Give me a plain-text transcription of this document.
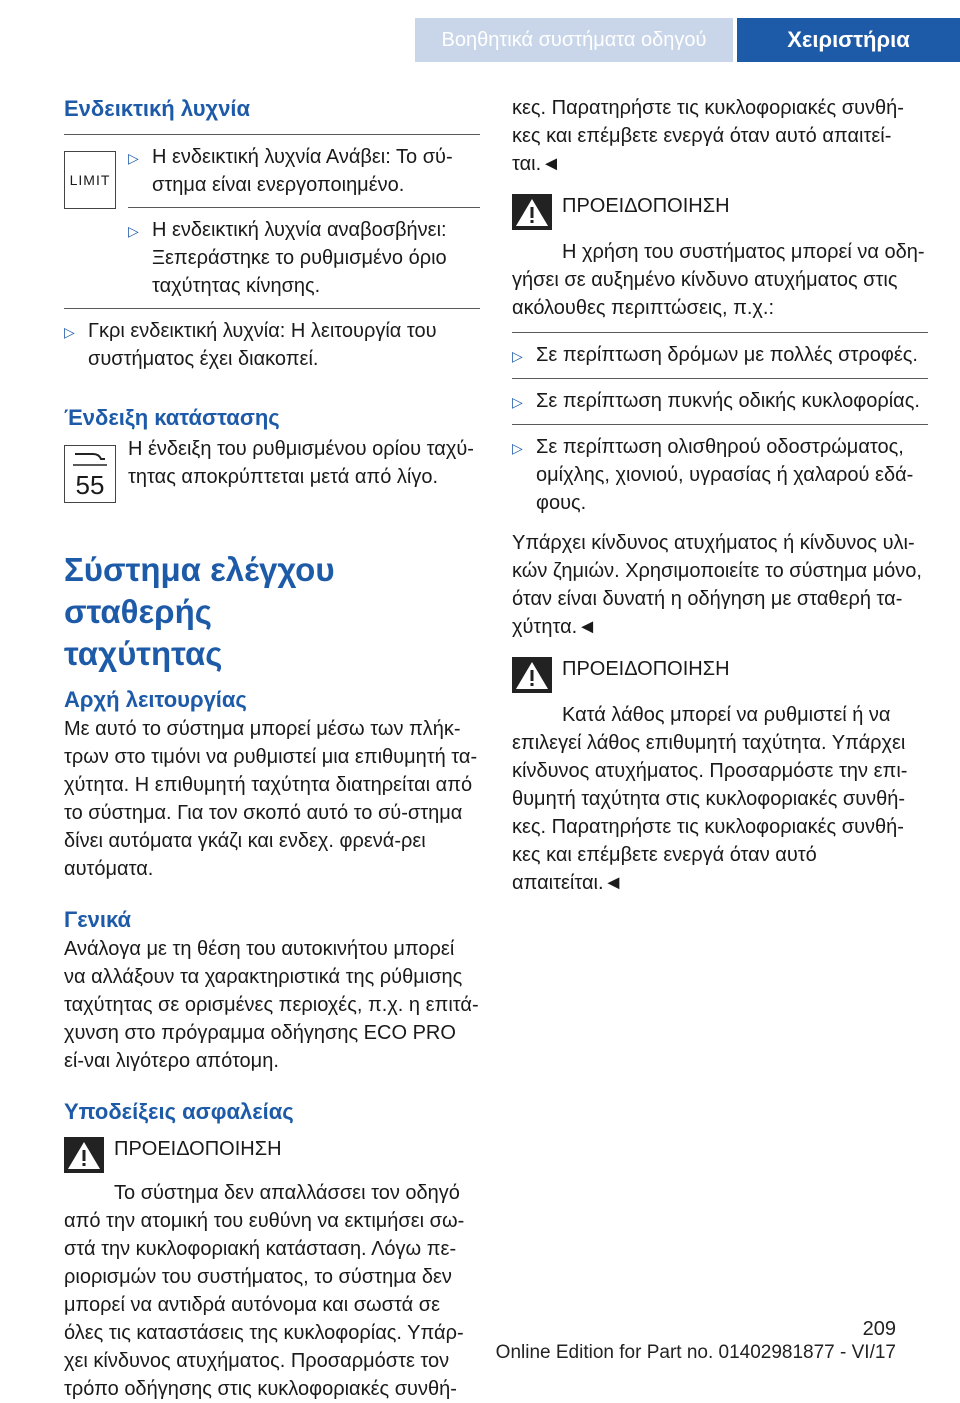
Βοηθητικά συστήματα οδηγού	Χειριστήρια
Ενδεικτική λυχνία
LIMIT
▷ Η ενδεικτική λυχνία Ανάβει: Το σύ-στημα είναι ενεργοποιημένο.
▷ Η ενδεικτική λυχνία αναβοσβήνει: Ξεπεράστηκε το ρυθμισμένο όριο ταχύτητας κίνησης.
▷ Γκρι ενδεικτική λυχνία: Η λειτουργία του συστήματος έχει διακοπεί.
Ένδειξη κατάστασης
55
Η ένδειξη του ρυθμισμένου ορίου ταχύ-τητας αποκρύπτεται μετά από λίγο.
Σύστημα ελέγχου σταθερής
ταχύτητας
Αρχή λειτουργίας
Με αυτό το σύστημα μπορεί μέσω των πλήκ-τρων στο τιμόνι να ρυθμιστεί μια επιθυμητή τα-χύτητα. Η επιθυμητή ταχύτητα διατηρείται από το σύστημα. Για τον σκοπό αυτό το σύ-στημα δίνει αυτόματα γκάζι και ενδεχ. φρενά-ρει αυτόματα.
Γενικά
Ανάλογα με τη θέση του αυτοκινήτου μπορεί να αλλάξουν τα χαρακτηριστικά της ρύθμισης ταχύτητας σε ορισμένες περιοχές, π.χ. η επιτά-χυνση στο πρόγραμμα οδήγησης ECO PRO εί-ναι λιγότερο απότομη.
Υποδείξεις ασφαλείας
ΠΡΟΕΙΔΟΠΟΙΗΣΗ
Το σύστημα δεν απαλλάσσει τον οδηγό από την ατομική του ευθύνη να εκτιμήσει σω-στά την κυκλοφοριακή κατάσταση. Λόγω πε-ριορισμών του συστήματος, το σύστημα δεν μπορεί να αντιδρά αυτόνομα και σωστά σε όλες τις καταστάσεις της κυκλοφορίας. Υπάρ-χει κίνδυνος ατυχήματος. Προσαρμόστε τον τρόπο οδήγησης στις κυκλοφοριακές συνθή-
κες. Παρατηρήστε τις κυκλοφοριακές συνθή-κες και επέμβετε ενεργά όταν αυτό απαιτεί-ται.◄
ΠΡΟΕΙΔΟΠΟΙΗΣΗ
Η χρήση του συστήματος μπορεί να οδη-γήσει σε αυξημένο κίνδυνο ατυχήματος στις ακόλουθες περιπτώσεις, π.χ.:
▷ Σε περίπτωση δρόμων με πολλές στροφές.
▷ Σε περίπτωση πυκνής οδικής κυκλοφορίας.
▷ Σε περίπτωση ολισθηρού οδοστρώματος, ομίχλης, χιονιού, υγρασίας ή χαλαρού εδά-φους.
Υπάρχει κίνδυνος ατυχήματος ή κίνδυνος υλι-κών ζημιών. Χρησιμοποιείτε το σύστημα μόνο, όταν είναι δυνατή η οδήγηση με σταθερή τα-χύτητα.◄
ΠΡΟΕΙΔΟΠΟΙΗΣΗ
Κατά λάθος μπορεί να ρυθμιστεί ή να επιλεγεί λάθος επιθυμητή ταχύτητα. Υπάρχει κίνδυνος ατυχήματος. Προσαρμόστε την επι-θυμητή ταχύτητα στις κυκλοφοριακές συνθή-κες. Παρατηρήστε τις κυκλοφοριακές συνθή-κες και επέμβετε ενεργά όταν αυτό απαιτείται.◄
209
Online Edition for Part no. 01402981877 - VI/17
